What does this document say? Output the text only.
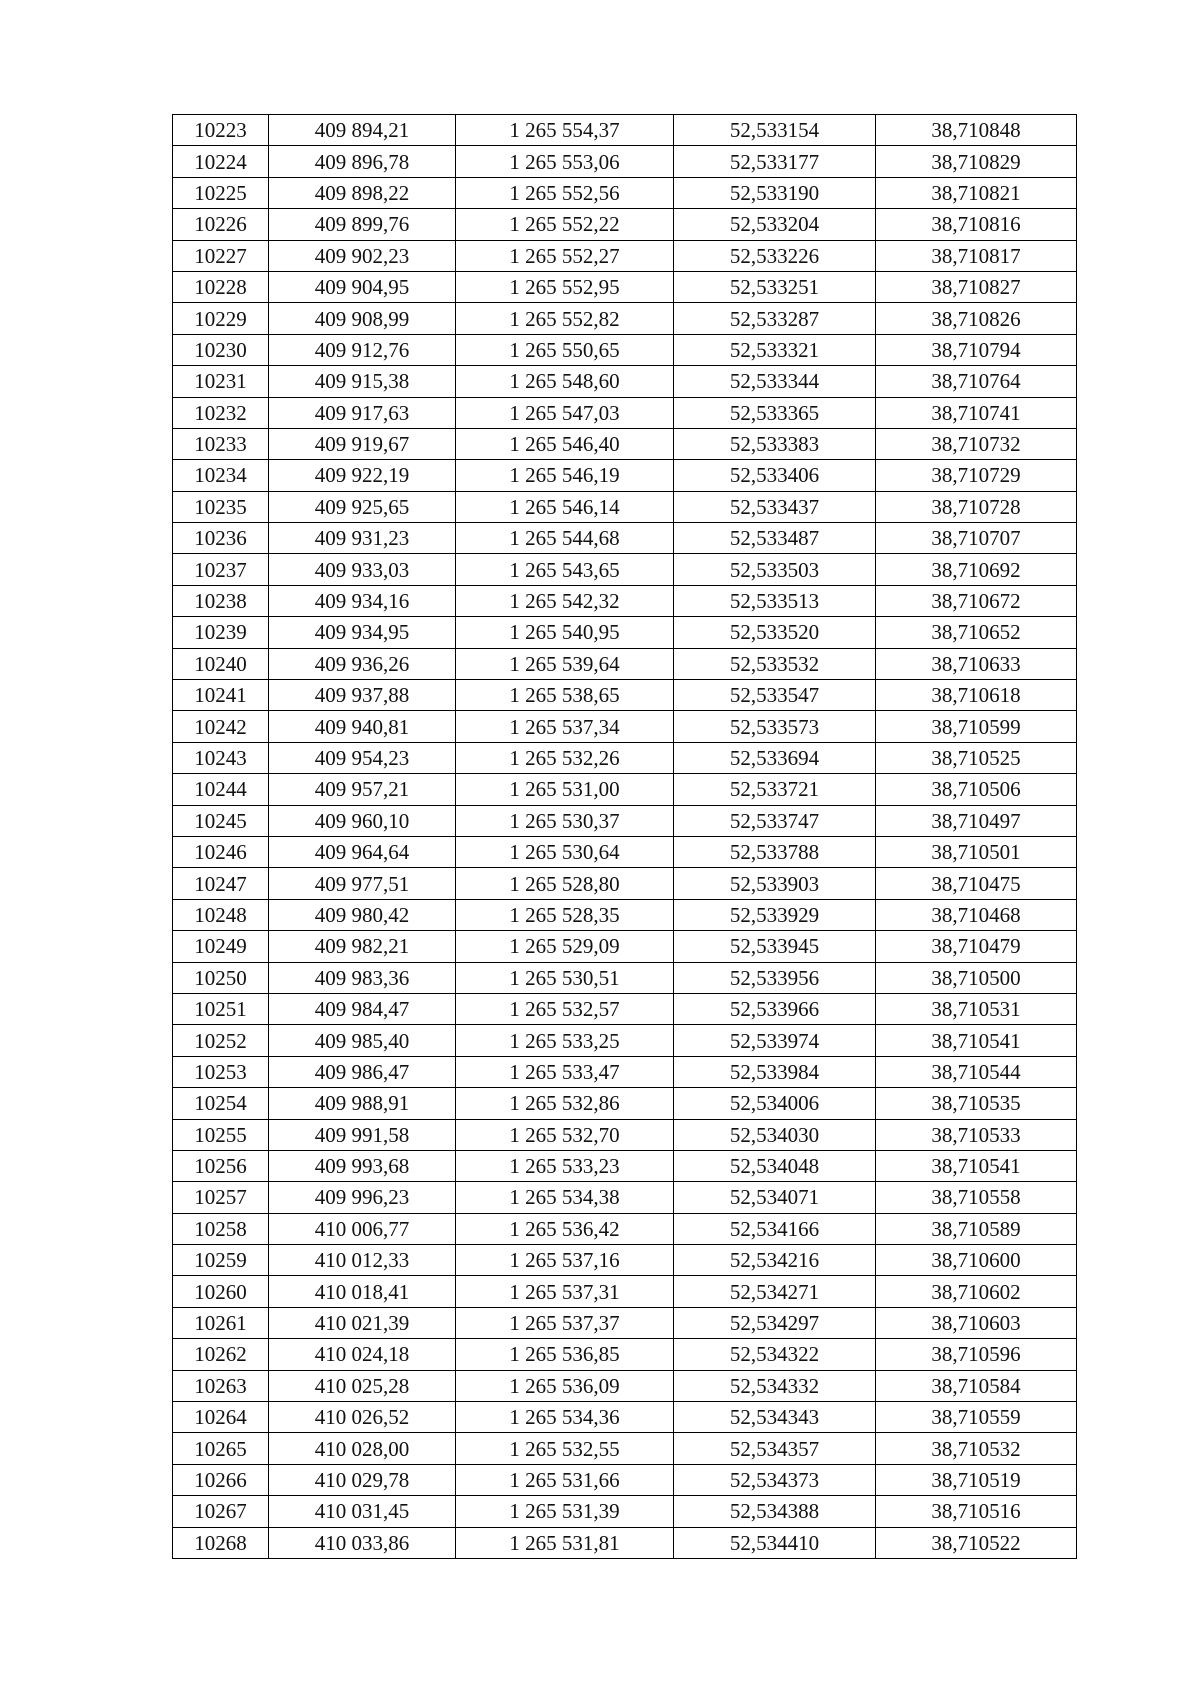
10223	409 894,21	1 265 554,37	52,533154	38,710848
10224	409 896,78	1 265 553,06	52,533177	38,710829
10225	409 898,22	1 265 552,56	52,533190	38,710821
10226	409 899,76	1 265 552,22	52,533204	38,710816
10227	409 902,23	1 265 552,27	52,533226	38,710817
10228	409 904,95	1 265 552,95	52,533251	38,710827
10229	409 908,99	1 265 552,82	52,533287	38,710826
10230	409 912,76	1 265 550,65	52,533321	38,710794
10231	409 915,38	1 265 548,60	52,533344	38,710764
10232	409 917,63	1 265 547,03	52,533365	38,710741
10233	409 919,67	1 265 546,40	52,533383	38,710732
10234	409 922,19	1 265 546,19	52,533406	38,710729
10235	409 925,65	1 265 546,14	52,533437	38,710728
10236	409 931,23	1 265 544,68	52,533487	38,710707
10237	409 933,03	1 265 543,65	52,533503	38,710692
10238	409 934,16	1 265 542,32	52,533513	38,710672
10239	409 934,95	1 265 540,95	52,533520	38,710652
10240	409 936,26	1 265 539,64	52,533532	38,710633
10241	409 937,88	1 265 538,65	52,533547	38,710618
10242	409 940,81	1 265 537,34	52,533573	38,710599
10243	409 954,23	1 265 532,26	52,533694	38,710525
10244	409 957,21	1 265 531,00	52,533721	38,710506
10245	409 960,10	1 265 530,37	52,533747	38,710497
10246	409 964,64	1 265 530,64	52,533788	38,710501
10247	409 977,51	1 265 528,80	52,533903	38,710475
10248	409 980,42	1 265 528,35	52,533929	38,710468
10249	409 982,21	1 265 529,09	52,533945	38,710479
10250	409 983,36	1 265 530,51	52,533956	38,710500
10251	409 984,47	1 265 532,57	52,533966	38,710531
10252	409 985,40	1 265 533,25	52,533974	38,710541
10253	409 986,47	1 265 533,47	52,533984	38,710544
10254	409 988,91	1 265 532,86	52,534006	38,710535
10255	409 991,58	1 265 532,70	52,534030	38,710533
10256	409 993,68	1 265 533,23	52,534048	38,710541
10257	409 996,23	1 265 534,38	52,534071	38,710558
10258	410 006,77	1 265 536,42	52,534166	38,710589
10259	410 012,33	1 265 537,16	52,534216	38,710600
10260	410 018,41	1 265 537,31	52,534271	38,710602
10261	410 021,39	1 265 537,37	52,534297	38,710603
10262	410 024,18	1 265 536,85	52,534322	38,710596
10263	410 025,28	1 265 536,09	52,534332	38,710584
10264	410 026,52	1 265 534,36	52,534343	38,710559
10265	410 028,00	1 265 532,55	52,534357	38,710532
10266	410 029,78	1 265 531,66	52,534373	38,710519
10267	410 031,45	1 265 531,39	52,534388	38,710516
10268	410 033,86	1 265 531,81	52,534410	38,710522
